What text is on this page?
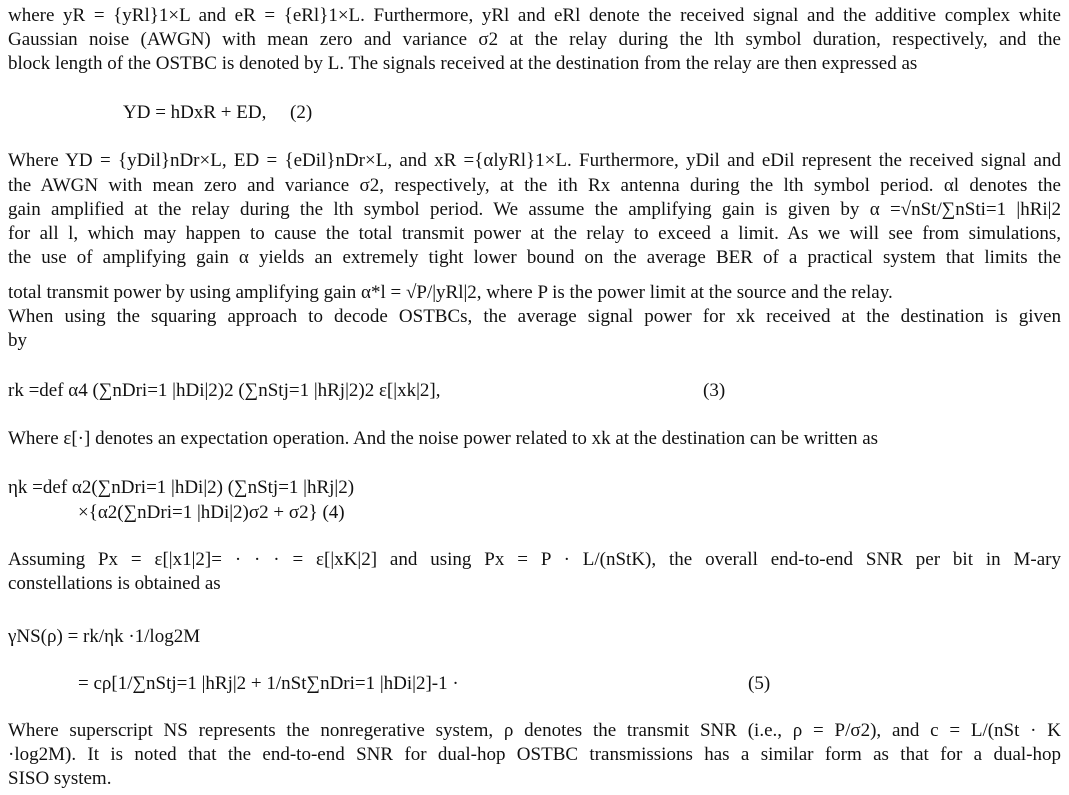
where yR = {yRl}1×L and eR = {eRl}1×L. Furthermore, yRl and eRl denote the received signal and the additive complex white
Gaussian noise (AWGN) with mean zero and variance σ2 at the relay during the lth symbol duration, respectively, and the
block length of the OSTBC is denoted by L. The signals received at the destination from the relay are then expressed as
Where YD = {yDil}nDr×L, ED = {eDil}nDr×L, and xR ={αlyRl}1×L. Furthermore, yDil and eDil represent the received signal and
the AWGN with mean zero and variance σ2, respectively, at the ith Rx antenna during the lth symbol period. αl denotes the
gain amplified at the relay during the lth symbol period. We assume the amplifying gain is given by α =√nSt/∑nSti=1 |hRi|2
for all l, which may happen to cause the total transmit power at the relay to exceed a limit. As we will see from simulations,
the use of amplifying gain α yields an extremely tight lower bound on the average BER of a practical system that limits the
total transmit power by using amplifying gain α*l = √P/|yRl|2, where P is the power limit at the source and the relay.
When using the squaring approach to decode OSTBCs, the average signal power for xk received at the destination is given
by
Where ε[·] denotes an expectation operation. And the noise power related to xk at the destination can be written as
Assuming Px = ε[|x1|2]= · · · = ε[|xK|2] and using Px = P · L/(nStK), the overall end-to-end SNR per bit in M-ary
constellations is obtained as
Where superscript NS represents the nonregerative system, ρ denotes the transmit SNR (i.e., ρ = P/σ2), and c = L/(nSt · K
·log2M). It is noted that the end-to-end SNR for dual-hop OSTBC transmissions has a similar form as that for a dual-hop
SISO system.
YD = hDxR + ED,
rk =def α4 (∑nDri=1 |hDi|2)2 (∑nStj=1 |hRj|2)2 ε[|xk|2],
ηk =def α2(∑nDri=1 |hDi|2) (∑nStj=1 |hRj|2)
×{α2(∑nDri=1 |hDi|2)σ2 + σ2} (4)
γNS(ρ) = rk/ηk ·1/log2M
= cρ[1/∑nStj=1 |hRj|2 + 1/nSt∑nDri=1 |hDi|2]-1 ·
(2)
(3)
(5)
